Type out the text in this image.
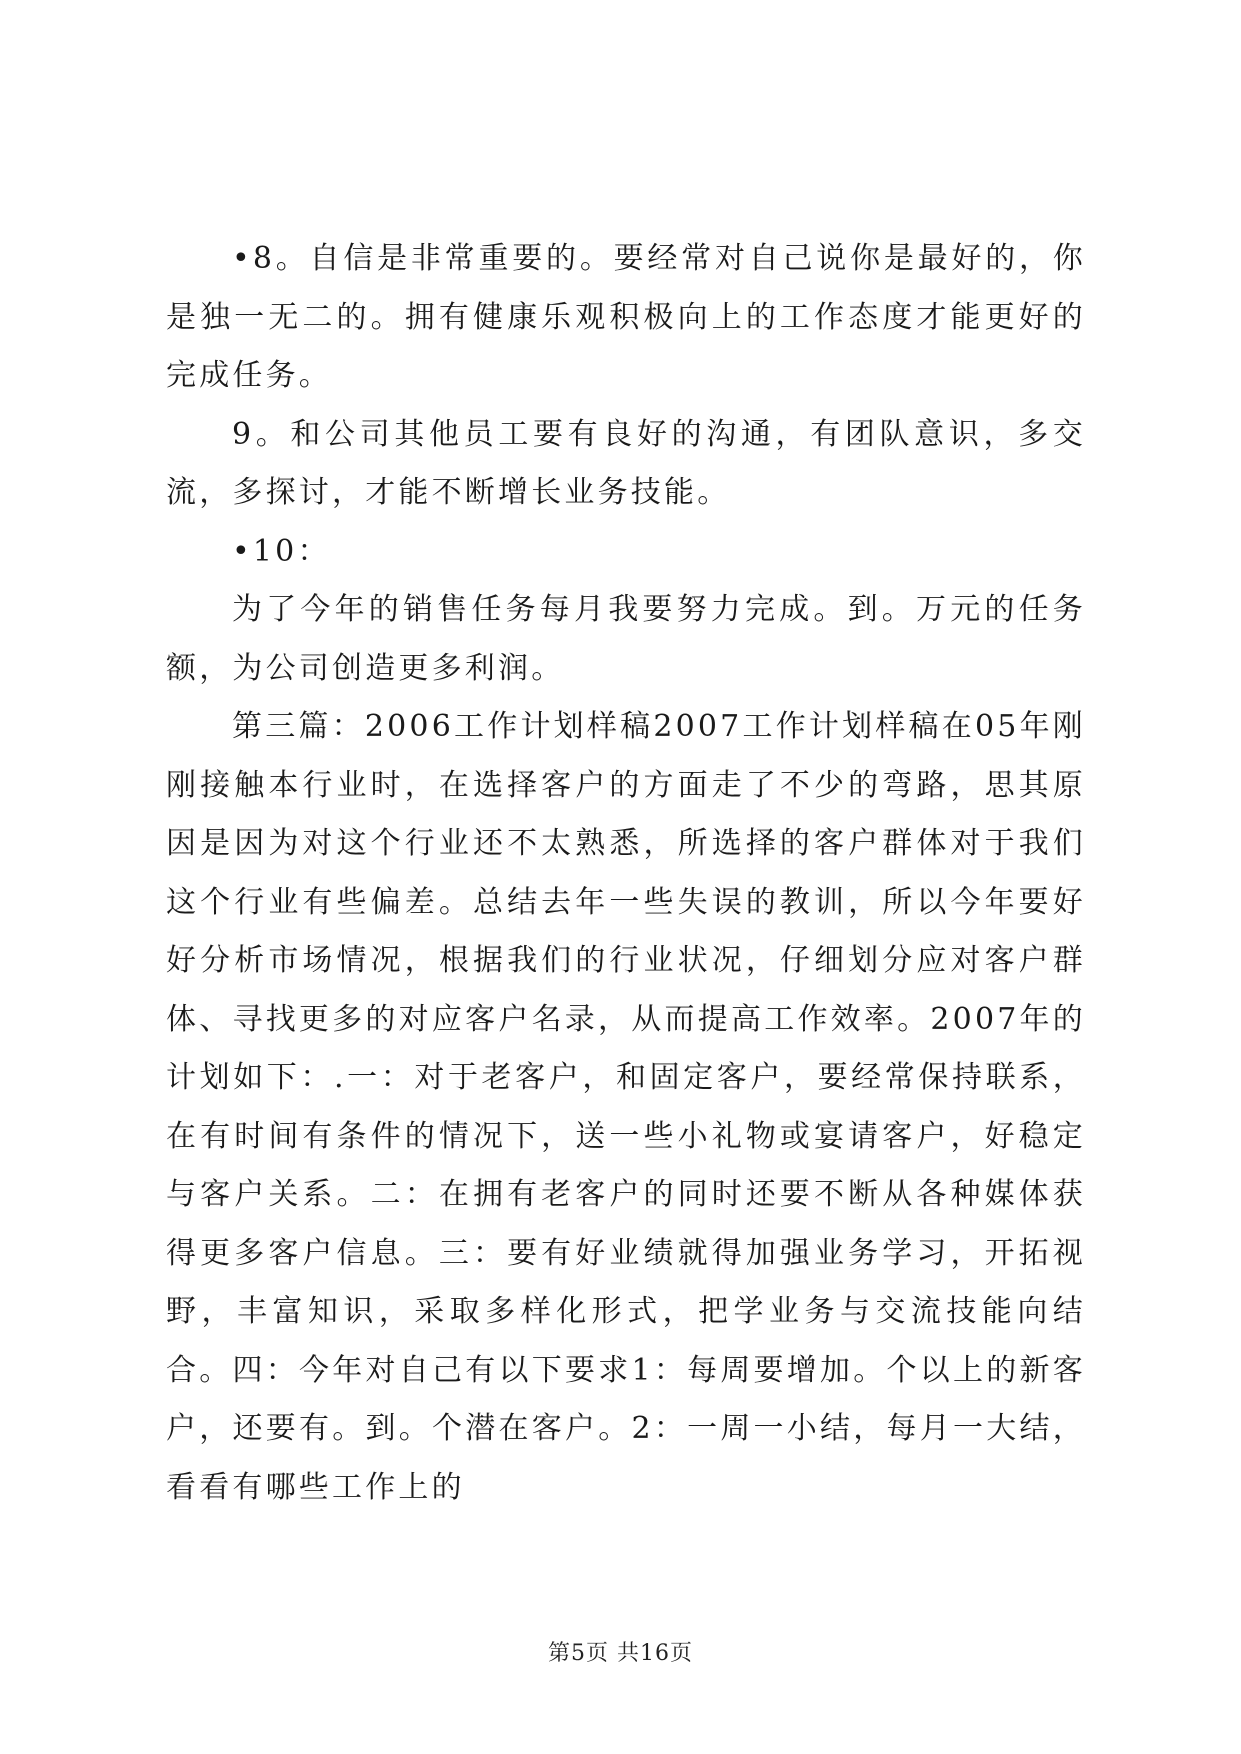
•8。自信是非常重要的。要经常对自己说你是最好的，你是独一无二的。拥有健康乐观积极向上的工作态度才能更好的完成任务。

9。和公司其他员工要有良好的沟通，有团队意识，多交流，多探讨，才能不断增长业务技能。

•10：

为了今年的销售任务每月我要努力完成。到。万元的任务额，为公司创造更多利润。

第三篇：2006工作计划样稿2007工作计划样稿在05年刚刚接触本行业时，在选择客户的方面走了不少的弯路，思其原因是因为对这个行业还不太熟悉，所选择的客户群体对于我们这个行业有些偏差。总结去年一些失误的教训，所以今年要好好分析市场情况，根据我们的行业状况，仔细划分应对客户群体、寻找更多的对应客户名录，从而提高工作效率。2007年的计划如下：.一：对于老客户，和固定客户，要经常保持联系，在有时间有条件的情况下，送一些小礼物或宴请客户，好稳定与客户关系。二：在拥有老客户的同时还要不断从各种媒体获得更多客户信息。三：要有好业绩就得加强业务学习，开拓视野，丰富知识，采取多样化形式，把学业务与交流技能向结合。四：今年对自己有以下要求1：每周要增加。个以上的新客户，还要有。到。个潜在客户。2：一周一小结，每月一大结，看看有哪些工作上的

第5页 共16页
